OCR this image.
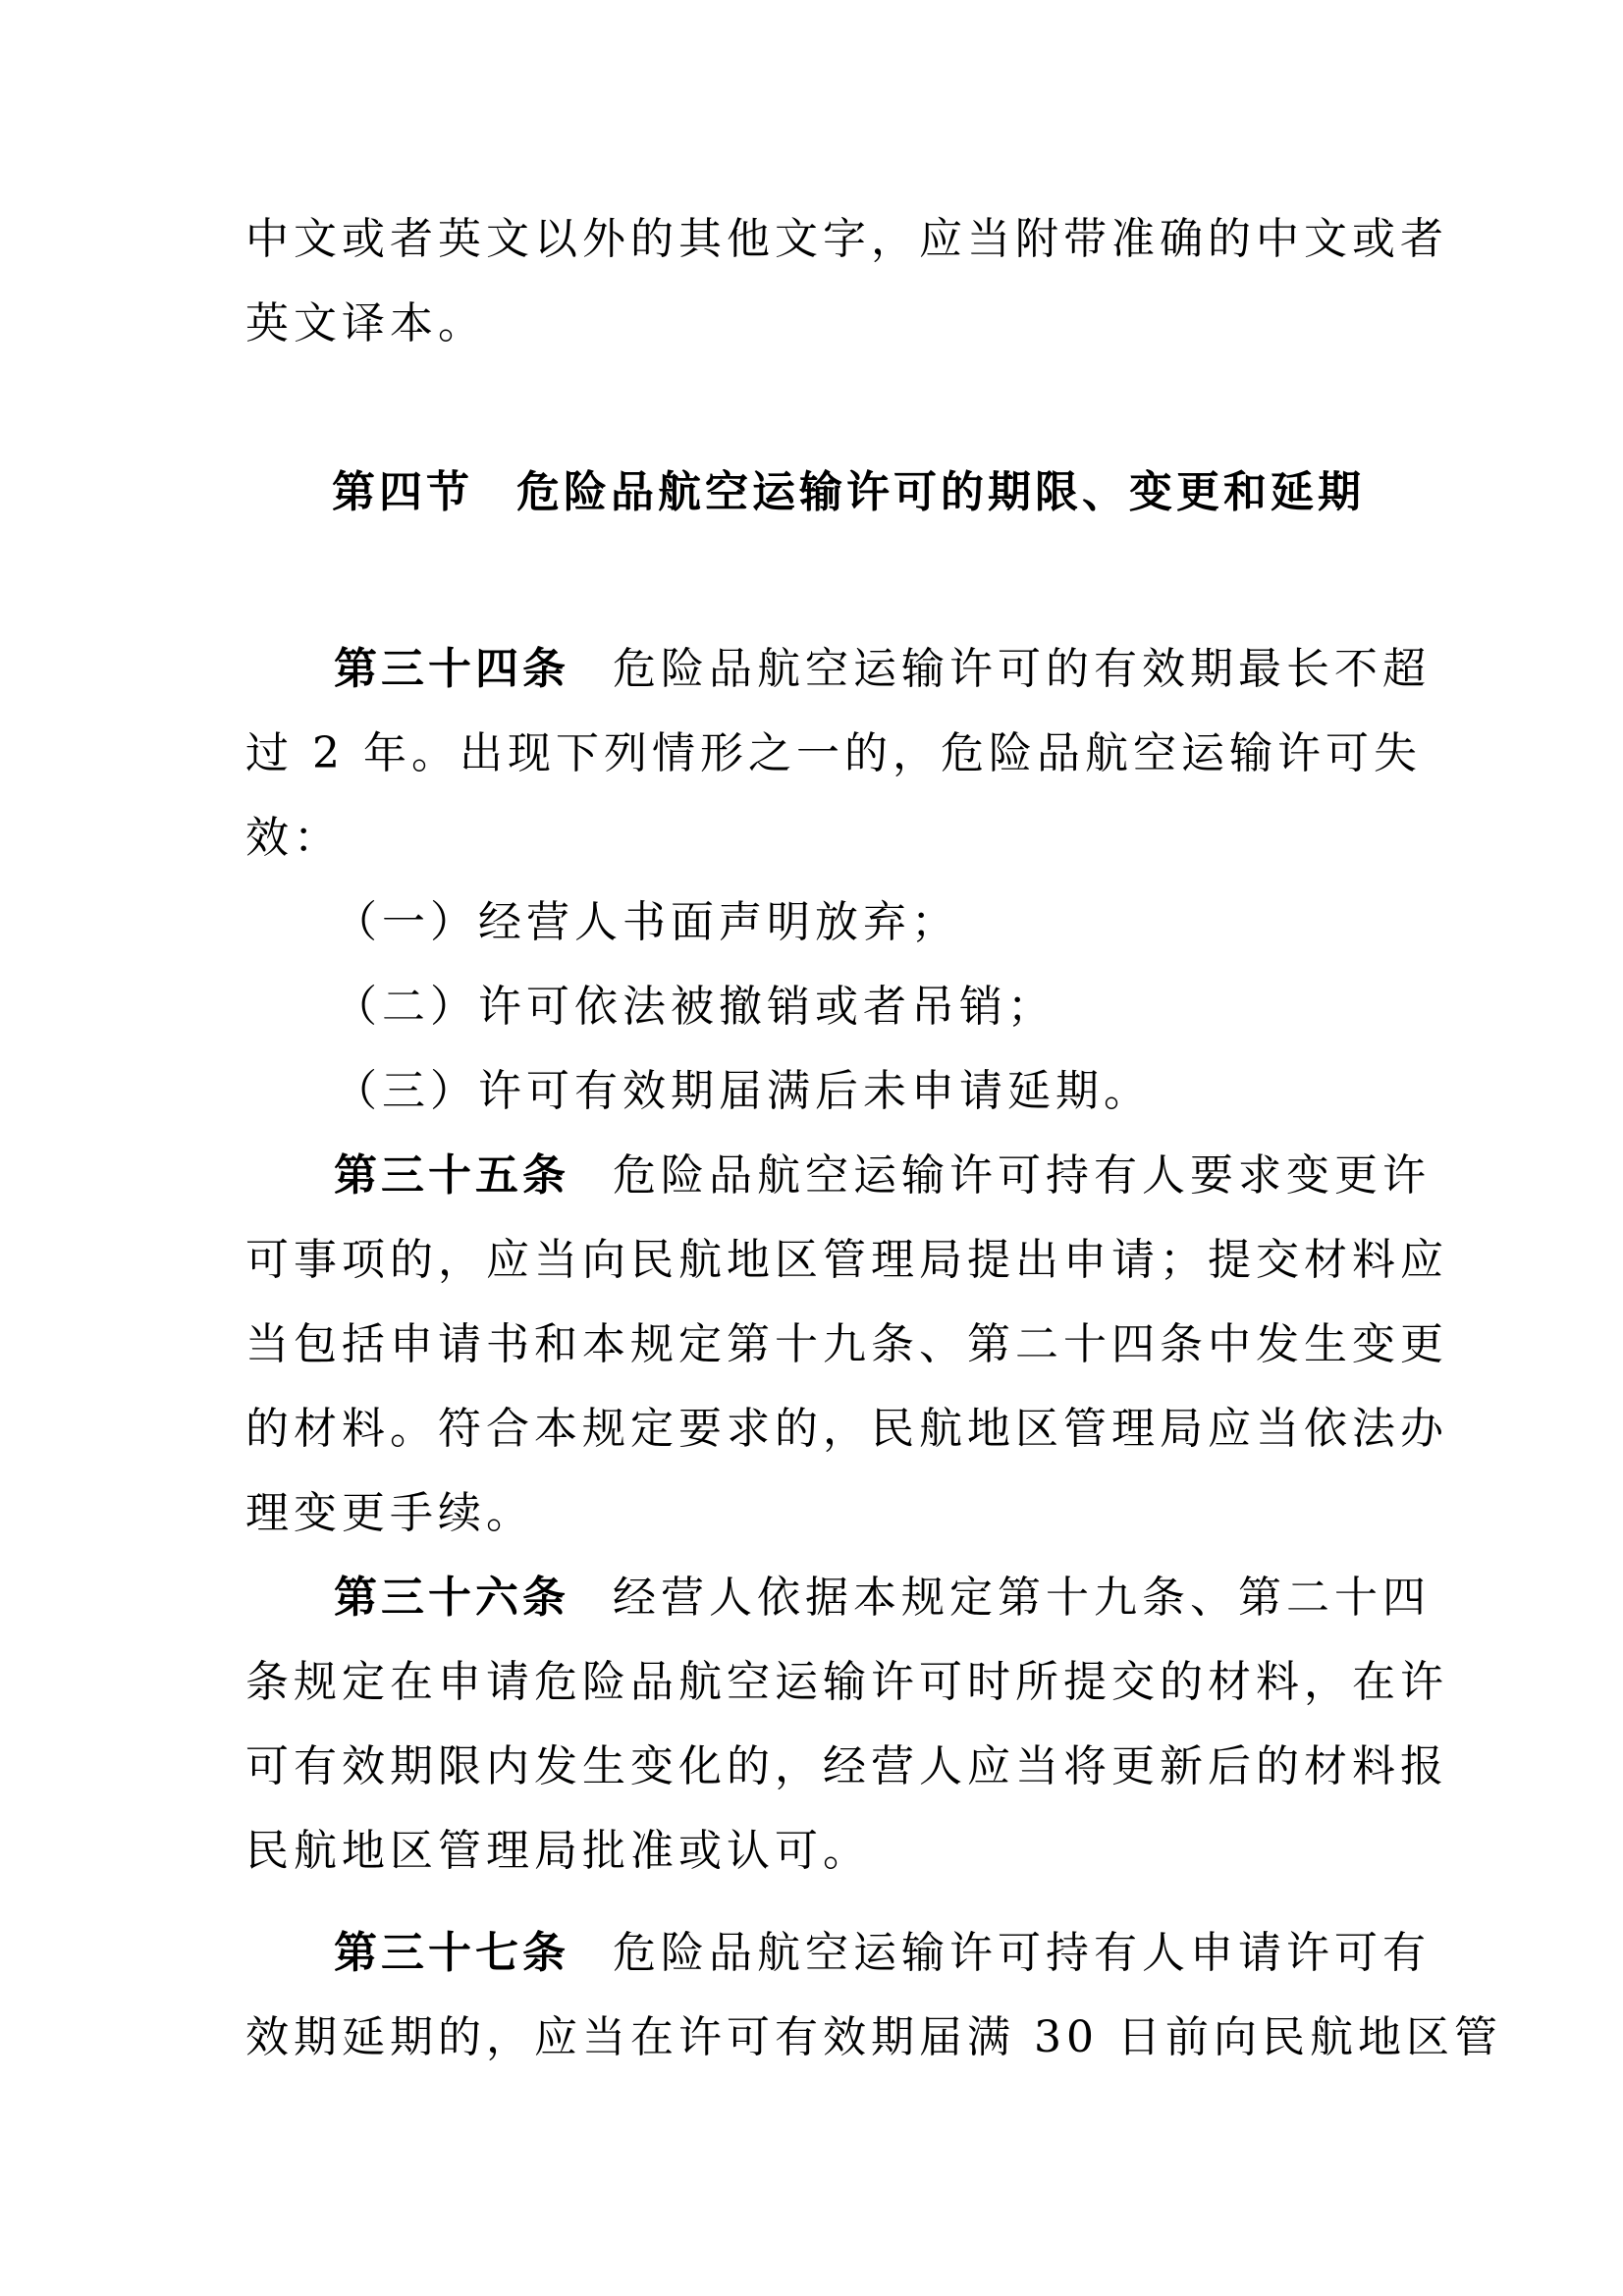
中文或者英文以外的其他文字，应当附带准确的中文或者
英文译本。
第四节 危险品航空运输许可的期限、变更和延期
第三十四条 危险品航空运输许可的有效期最长不超
过 2 年。出现下列情形之一的，危险品航空运输许可失
效：
（一）经营人书面声明放弃；
（二）许可依法被撤销或者吊销；
（三）许可有效期届满后未申请延期。
第三十五条 危险品航空运输许可持有人要求变更许
可事项的，应当向民航地区管理局提出申请；提交材料应
当包括申请书和本规定第十九条、第二十四条中发生变更
的材料。符合本规定要求的，民航地区管理局应当依法办
理变更手续。
第三十六条 经营人依据本规定第十九条、第二十四
条规定在申请危险品航空运输许可时所提交的材料，在许
可有效期限内发生变化的，经营人应当将更新后的材料报
民航地区管理局批准或认可。
第三十七条 危险品航空运输许可持有人申请许可有
效期延期的，应当在许可有效期届满 30 日前向民航地区管
